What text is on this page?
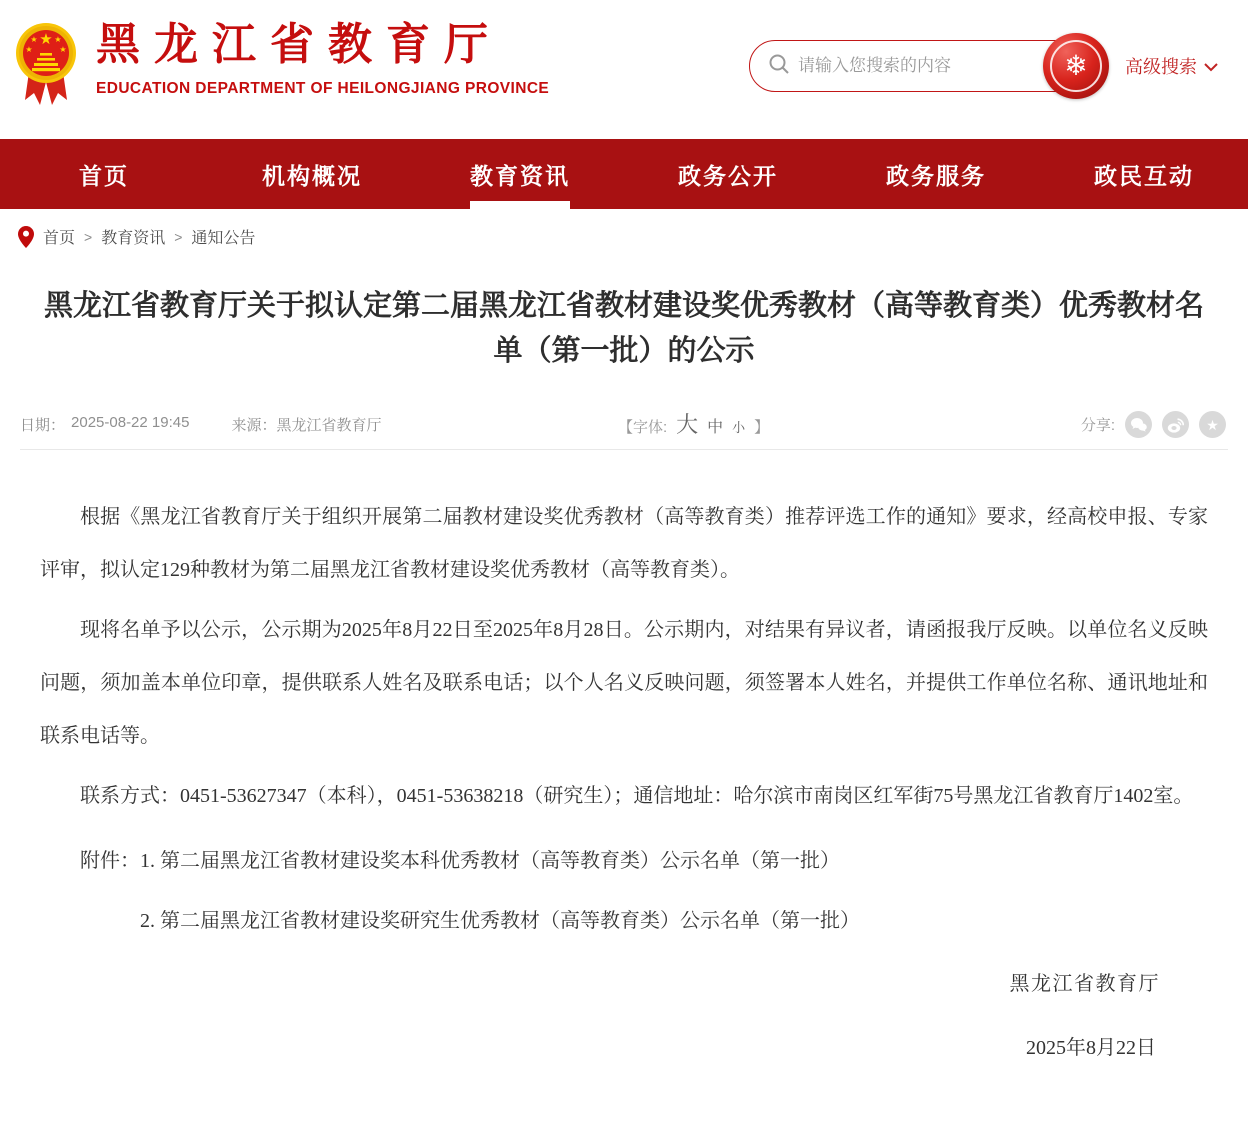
★
★ ★
★	★ 黑龙江省教育厅
EDUCATION DEPARTMENT OF HEILONGJIANG PROVINCE
请输入您搜索的内容
❄	高级搜索
首页	机构概况	教育资讯	政务公开	政务服务	政民互动
首页 > 教育资讯 > 通知公告
黑龙江省教育厅关于拟认定第二届黑龙江省教材建设奖优秀教材（高等教育类）优秀教材名单（第一批）的公示
日期： 2025-08-22 19:45	来源： 黑龙江省教育厅	【字体: 大 中 小 】	分享:	★

根据《黑龙江省教育厅关于组织开展第二届教材建设奖优秀教材（高等教育类）推荐评选工作的通知》要求，经高校申报、专家评审，拟认定129种教材为第二届黑龙江省教材建设奖优秀教材（高等教育类）。

现将名单予以公示，公示期为2025年8月22日至2025年8月28日。公示期内，对结果有异议者，请函报我厅反映。以单位名义反映问题，须加盖本单位印章，提供联系人姓名及联系电话；以个人名义反映问题，须签署本人姓名，并提供工作单位名称、通讯地址和联系电话等。

联系方式：0451-53627347（本科），0451-53638218（研究生）；通信地址：哈尔滨市南岗区红军街75号黑龙江省教育厅1402室。

附件： 1. 第二届黑龙江省教材建设奖本科优秀教材（高等教育类）公示名单（第一批）
2. 第二届黑龙江省教材建设奖研究生优秀教材（高等教育类）公示名单（第一批）
黑龙江省教育厅
2025年8月22日
